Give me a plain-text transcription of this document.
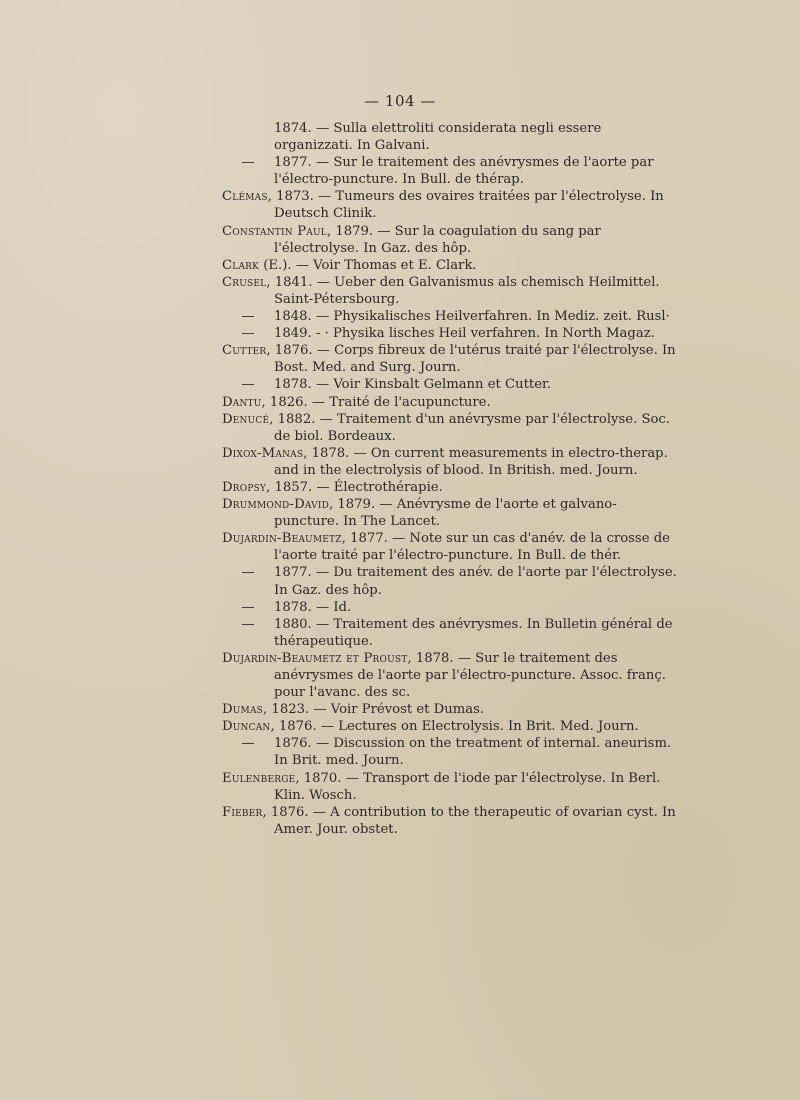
— 104 —
1874. — Sulla elettroliti considerata negli essere organizzati. In Galvani.
— 1877. — Sur le traitement des anévrysmes de l'aorte par l'électro-puncture. In Bull. de thérap.
Clémas, 1873. — Tumeurs des ovaires traitées par l'électrolyse. In Deutsch Clinik.
Constantin Paul, 1879. — Sur la coagulation du sang par l'électrolyse. In Gaz. des hôp.
Clark (E.). — Voir Thomas et E. Clark.
Crusel, 1841. — Ueber den Galvanismus als chemisch Heilmittel. Saint-Pétersbourg.
— 1848. — Physikalisches Heilverfahren. In Mediz. zeit. Rusl·
— 1849. - · Physika lisches Heil verfahren. In North Magaz.
Cutter, 1876. — Corps fibreux de l'utérus traité par l'électrolyse. In Bost. Med. and Surg. Journ.
— 1878. — Voir Kinsbalt Gelmann et Cutter.
Dantu, 1826. — Traité de l'acupuncture.
Denucé, 1882. — Traitement d'un anévrysme par l'électrolyse. Soc. de biol. Bordeaux.
Dixox-Manas, 1878. — On current measurements in electro-therap. and in the electrolysis of blood. In British. med. Journ.
Dropsy, 1857. — Électrothérapie.
Drummond-David, 1879. — Anévrysme de l'aorte et galvano-puncture. In The Lancet.
Dujardin-Beaumetz, 1877. — Note sur un cas d'anév. de la crosse de l'aorte traité par l'électro-puncture. In Bull. de thér.
— 1877. — Du traitement des anév. de l'aorte par l'électrolyse. In Gaz. des hôp.
— 1878. — Id.
— 1880. — Traitement des anévrysmes. In Bulletin général de thérapeutique.
Dujardin-Beaumetz et Proust, 1878. — Sur le traitement des anévrysmes de l'aorte par l'électro-puncture. Assoc. franç. pour l'avanc. des sc.
Dumas, 1823. — Voir Prévost et Dumas.
Duncan, 1876. — Lectures on Electrolysis. In Brit. Med. Journ.
— 1876. — Discussion on the treatment of internal. aneurism. In Brit. med. Journ.
Eulenberge, 1870. — Transport de l'iode par l'électrolyse. In Berl. Klin. Wosch.
Fieber, 1876. — A contribution to the therapeutic of ovarian cyst. In Amer. Jour. obstet.
